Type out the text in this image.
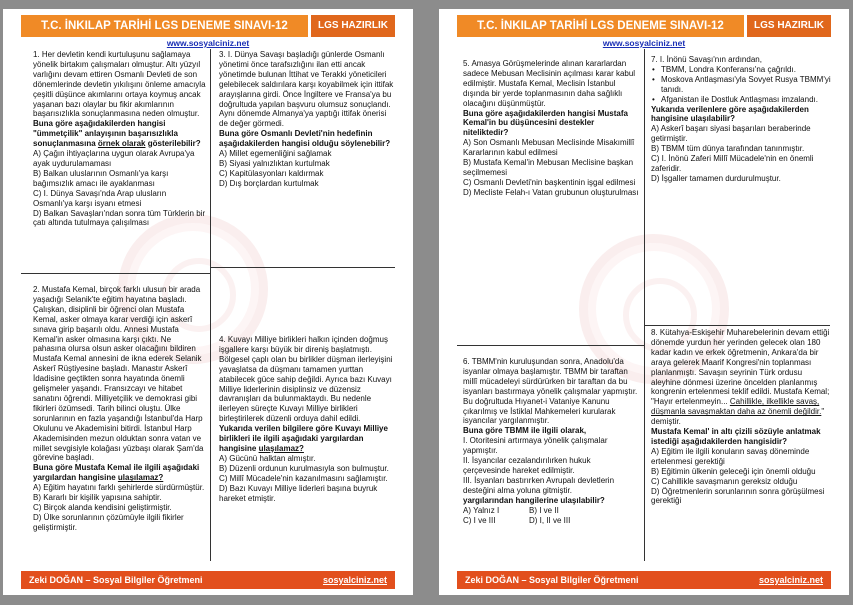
T.C. İNKILAP TARİHİ LGS DENEME SINAVI-12	LGS HAZIRLIK
www.sosyalciniz.net

1. Her devletin kendi kurtuluşunu sağlamaya yönelik birtakım çalışmaları olmuştur. Altı yüzyıl varlığını devam ettiren Osmanlı Devleti de son dönemlerinde devletin yıkılışını önleme amacıyla çeşitli düşünce akımlarını ortaya koymuş ancak yaşanan bazı olaylar bu fikir akımlarının başarısızlıkla sonuçlanmasına neden olmuştur.

Buna göre aşağıdakilerden hangisi "ümmetçilik" anlayışının başarısızlıkla sonuçlanmasına örnek olarak gösterilebilir?

A) Çağın ihtiyaçlarına uygun olarak Avrupa'ya ayak uydurulamaması

B) Balkan uluslarının Osmanlı'ya karşı bağımsızlık amacı ile ayaklanması

C) I. Dünya Savaşı'nda Arap ulusların Osmanlı'ya karşı isyanı etmesi

D) Balkan Savaşları'ndan sonra tüm Türklerin bir çatı altında tutulmaya çalışılması

2. Mustafa Kemal, birçok farklı ulusun bir arada yaşadığı Selanik'te eğitim hayatına başladı. Çalışkan, disiplinli bir öğrenci olan Mustafa Kemal, asker olmaya karar verdiği için askerî sınava girip başarılı oldu. Annesi Mustafa Kemal'in asker olmasına karşı çıktı. Ne pahasına olursa olsun asker olacağını bildiren Mustafa Kemal annesini de ikna ederek Selanik Askerî Rüştiyesine başladı. Manastır Askerî İdadisine geçtikten sonra hayatında önemli gelişmeler yaşandı. Fransızcayı ve hitabet sanatını öğrendi. Milliyetçilik ve demokrasi gibi fikirleri özümsedi. Tarih bilinci oluştu. Ülke sorunlarının en fazla yaşandığı İstanbul'da Harp Okulunu ve Akademisini bitirdi. İstanbul Harp Akademisinden mezun olduktan sonra vatan ve millet sevgisiyle kolağası yüzbaşı olarak Şam'da görevine başladı.

Buna göre Mustafa Kemal ile ilgili aşağıdaki yargılardan hangisine ulaşılamaz?

A) Eğitim hayatını farklı şehirlerde sürdürmüştür.

B) Kararlı bir kişilik yapısına sahiptir.

C) Birçok alanda kendisini geliştirmiştir.

D) Ülke sorunlarının çözümüyle ilgili fikirler geliştirmiştir.

3. I. Dünya Savaşı başladığı günlerde Osmanlı yönetimi önce tarafsızlığını ilan etti ancak yönetimde bulunan İttihat ve Terakki yöneticileri gelebilecek saldırılara karşı koyabilmek için ittifak arayışlarına girdi. Önce İngiltere ve Fransa'ya bu doğrultuda yapılan başvuru olumsuz sonuçlandı. Aynı dönemde Almanya'ya yaptığı ittifak önerisi de değer görmedi.

Buna göre Osmanlı Devleti'nin hedefinin aşağıdakilerden hangisi olduğu söylenebilir?

A) Millet egemenliğini sağlamak

B) Siyasi yalnızlıktan kurtulmak

C) Kapitülasyonları kaldırmak

D) Dış borçlardan kurtulmak

4. Kuvayı Milliye birlikleri halkın içinden doğmuş işgallere karşı büyük bir direniş başlatmıştı. Bölgesel çaplı olan bu birlikler düşman ilerleyişini yavaşlatsa da düşmanı tamamen yurttan atabilecek güce sahip değildi. Ayrıca bazı Kuvayı Milliye liderlerinin disiplinsiz ve düzensiz davranışları da bulunmaktaydı. Bu nedenle ilerleyen süreçte Kuvayı Milliye birlikleri birleştirilerek düzenli orduya dahil edildi.

Yukarıda verilen bilgilere göre Kuvayı Milliye birlikleri ile ilgili aşağıdaki yargılardan hangisine ulaşılamaz?

A) Gücünü halktan almıştır.

B) Düzenli ordunun kurulmasıyla son bulmuştur.

C) Millî Mücadele'nin kazanılmasını sağlamıştır.

D) Bazı Kuvayı Milliye liderleri başına buyruk hareket etmiştir.

Zeki DOĞAN – Sosyal Bilgiler Öğretmeni	sosyalciniz.net
T.C. İNKILAP TARİHİ LGS DENEME SINAVI-12	LGS HAZIRLIK
www.sosyalciniz.net

5. Amasya Görüşmelerinde alınan kararlardan sadece Mebusan Meclisinin açılması karar kabul edilmiştir. Mustafa Kemal, Meclisin İstanbul dışında bir yerde toplanmasının daha sağlıklı olacağını düşünmüştür.

Buna göre aşağıdakilerden hangisi Mustafa Kemal'in bu düşüncesini destekler niteliktedir?

A) Son Osmanlı Mebusan Meclisinde Misakımillî Kararlarının kabul edilmesi

B) Mustafa Kemal'in Mebusan Meclisine başkan seçilmemesi

C) Osmanlı Devleti'nin başkentinin işgal edilmesi

D) Mecliste Felah-ı Vatan grubunun oluşturulması

6. TBMM'nin kuruluşundan sonra, Anadolu'da isyanlar olmaya başlamıştır. TBMM bir taraftan millî mücadeleyi sürdürürken bir taraftan da bu isyanları bastırmaya yönelik çalışmalar yapmıştır. Bu doğrultuda Hıyanet-i Vataniye Kanunu çıkarılmış ve İstiklal Mahkemeleri kurularak isyancılar yargılanmıştır.

Buna göre TBMM ile ilgili olarak,

I. Otoritesini artırmaya yönelik çalışmalar yapmıştır.

II. İsyancılar cezalandırılırken hukuk çerçevesinde hareket edilmiştir.

III. İsyanları bastırırken Avrupalı devletlerin desteğini alma yoluna gitmiştir.

yargılarından hangilerine ulaşılabilir?

A) Yalnız I	B) I ve II

C) I ve III	D) I, II ve III

7. I. İnönü Savaşı'nın ardından,

• TBMM, Londra Konferansı'na çağrıldı.

• Moskova Antlaşması'yla Sovyet Rusya TBMM'yi tanıdı.

• Afganistan ile Dostluk Antlaşması imzalandı.

Yukarıda verilenlere göre aşağıdakilerden hangisine ulaşılabilir?

A) Askerî başarı siyasi başarıları beraberinde getirmiştir.

B) TBMM tüm dünya tarafından tanınmıştır.

C) I. İnönü Zaferi Millî Mücadele'nin en önemli zaferidir.

D) İşgaller tamamen durdurulmuştur.

8. Kütahya-Eskişehir Muharebelerinin devam ettiği dönemde yurdun her yerinden gelecek olan 180 kadar kadın ve erkek öğretmenin, Ankara'da bir araya gelerek Maarif Kongresi'nin toplanması planlanmıştı. Savaşın seyrinin Türk ordusu aleyhine dönmesi üzerine öncelden planlanmış kongrenin ertelenmesi teklif edildi. Mustafa Kemal; "Hayır ertelenmeyin... Cahillikle, ilkellikle savaş, düşmanla savaşmaktan daha az önemli değildir." demiştir.

Mustafa Kemal' in altı çizili sözüyle anlatmak istediği aşağıdakilerden hangisidir?

A) Eğitim ile ilgili konuların savaş döneminde ertelenmesi gerektiği

B) Eğitimin ülkenin geleceği için önemli olduğu

C) Cahillikle savaşmanın gereksiz olduğu

D) Öğretmenlerin sorunlarının sonra görüşülmesi gerektiği

Zeki DOĞAN – Sosyal Bilgiler Öğretmeni	sosyalciniz.net
